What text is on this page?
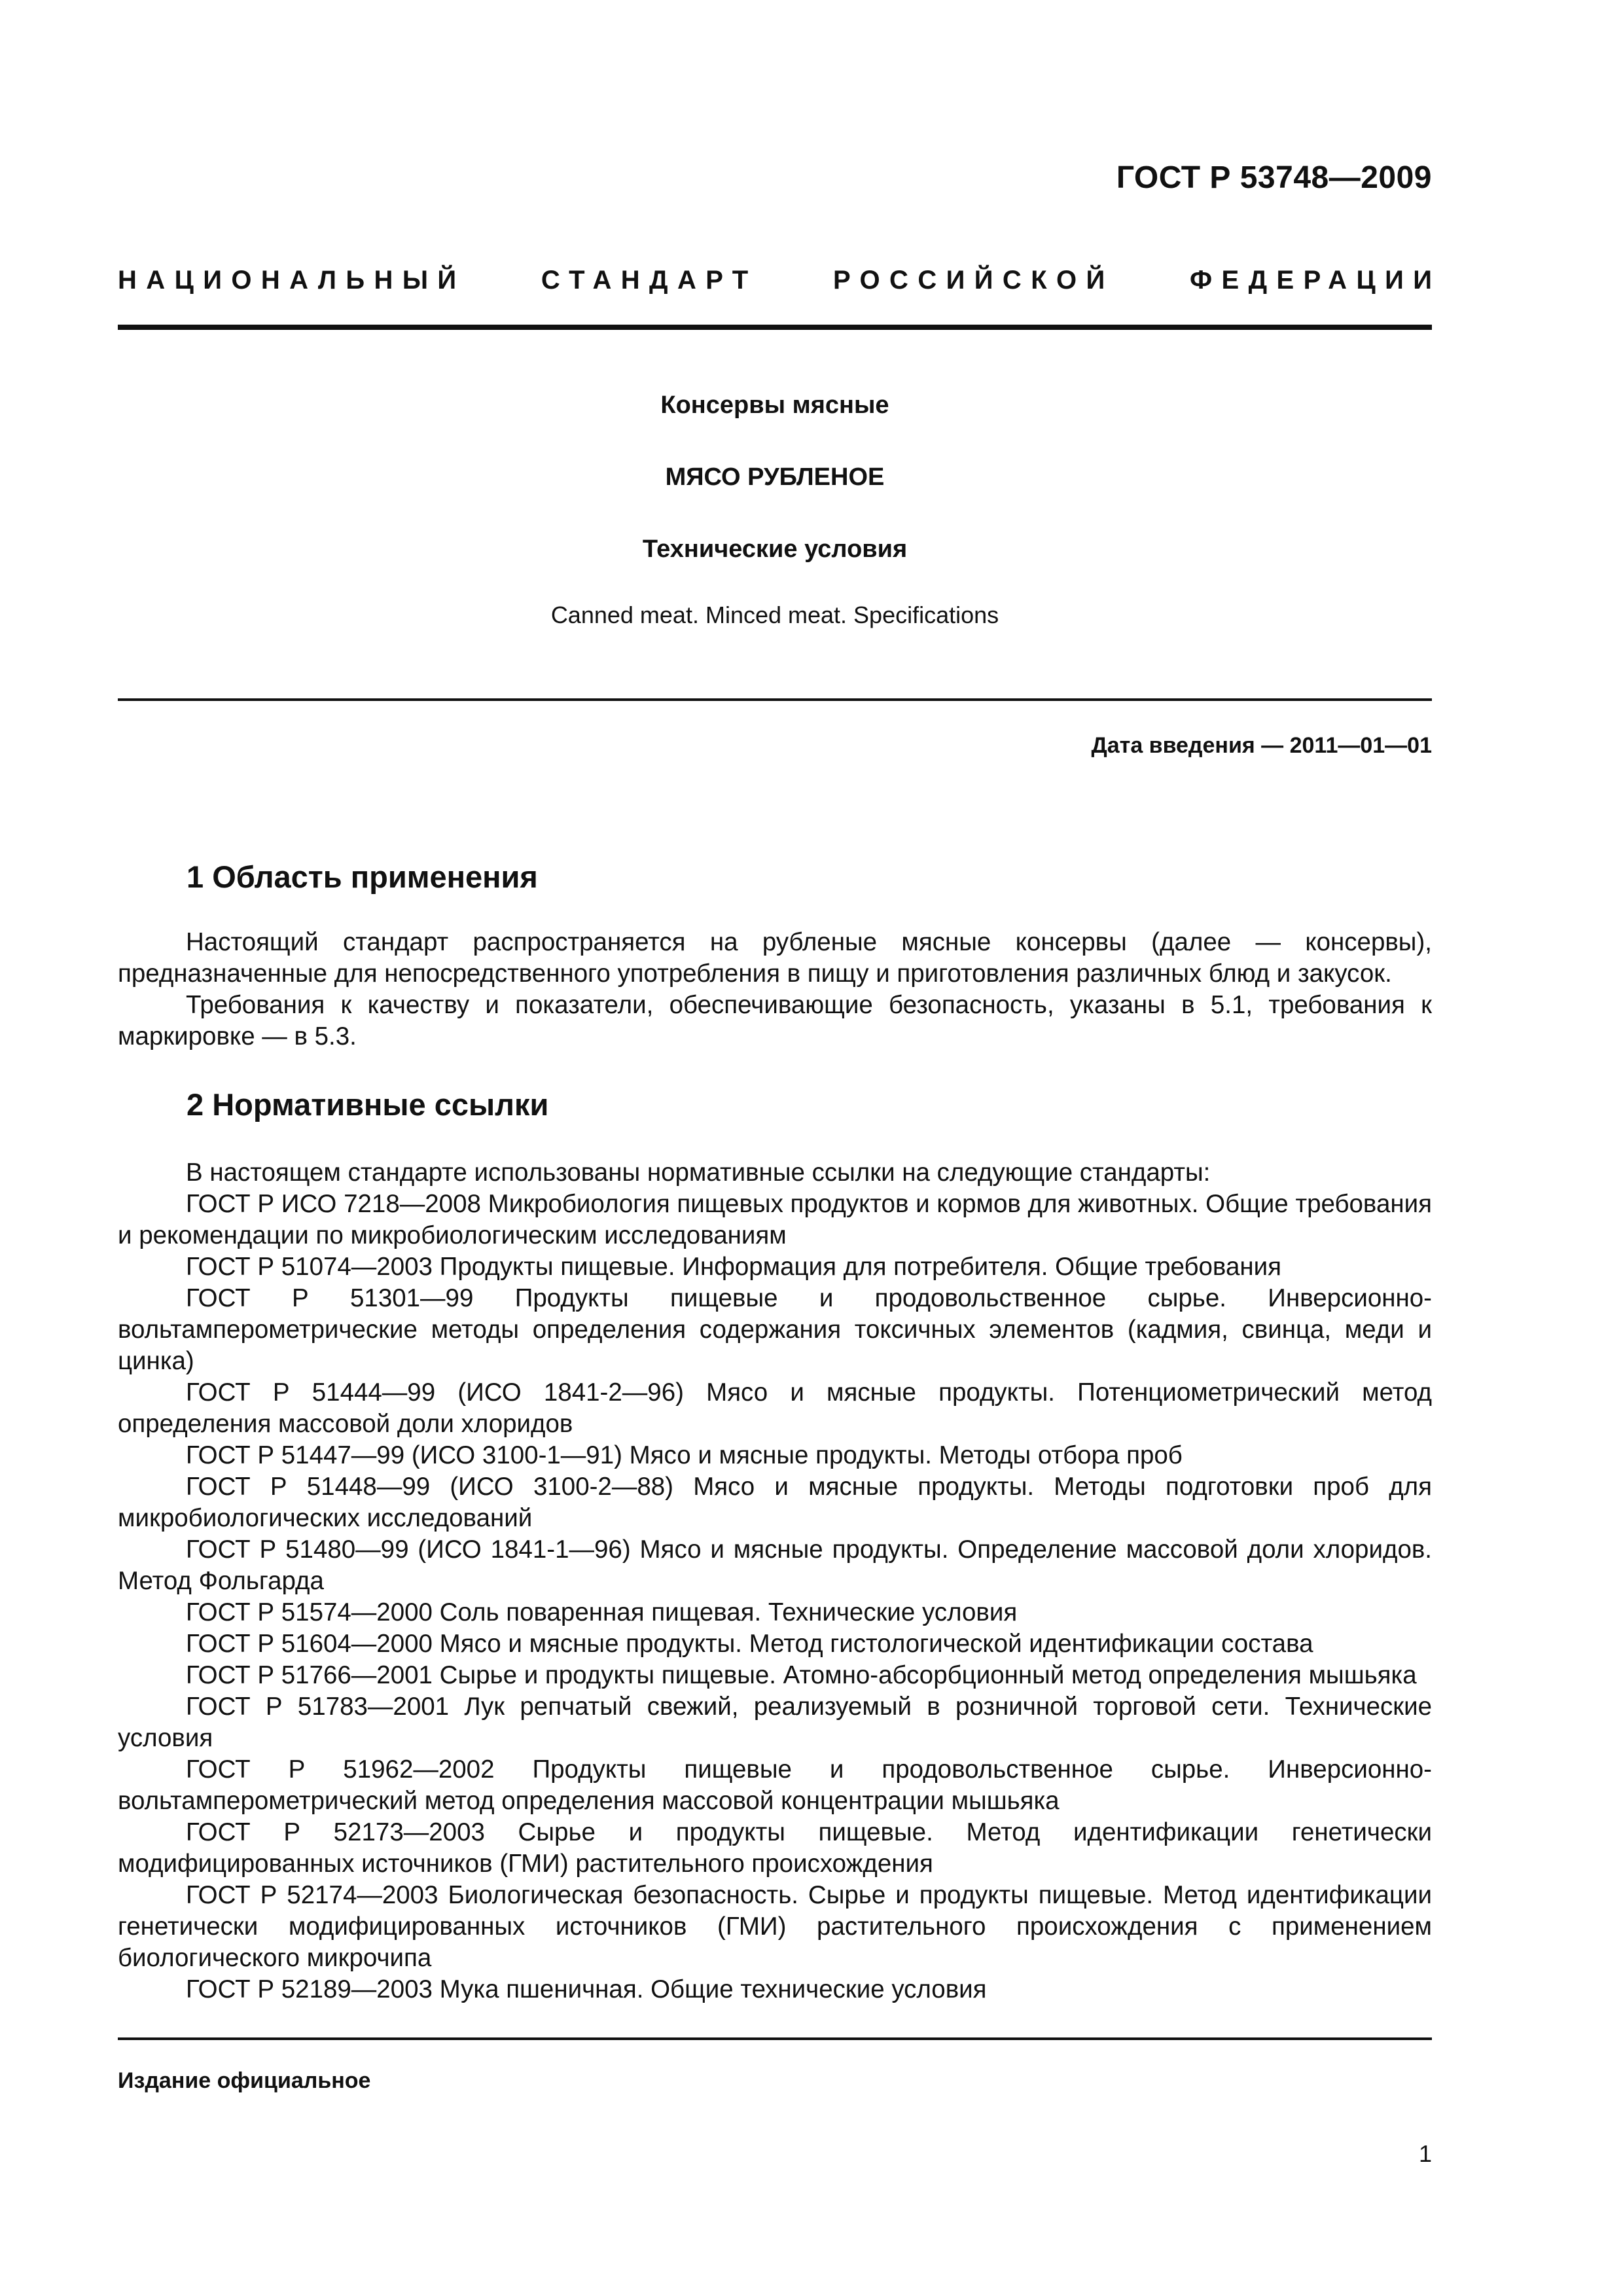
ГОСТ Р 53748—2009
НАЦИОНАЛЬНЫЙ	СТАНДАРТ	РОССИЙСКОЙ	ФЕДЕРАЦИИ
Консервы мясные
МЯСО РУБЛЕНОЕ
Технические условия
Canned meat. Minced meat. Specifications
Дата введения — 2011—01—01
1 Область применения

Настоящий стандарт распространяется на рубленые мясные консервы (далее — консервы), предназначенные для непосредственного употребления в пищу и приготовления различных блюд и закусок.

Требования к качеству и показатели, обеспечивающие безопасность, указаны в 5.1, требования к маркировке — в 5.3.

2 Нормативные ссылки

В настоящем стандарте использованы нормативные ссылки на следующие стандарты:

ГОСТ Р ИСО 7218—2008 Микробиология пищевых продуктов и кормов для животных. Общие требования и рекомендации по микробиологическим исследованиям

ГОСТ Р 51074—2003 Продукты пищевые. Информация для потребителя. Общие требования

ГОСТ Р 51301—99 Продукты пищевые и продовольственное сырье. Инверсионно-вольтамперометрические методы определения содержания токсичных элементов (кадмия, свинца, меди и цинка)

ГОСТ Р 51444—99 (ИСО 1841-2—96) Мясо и мясные продукты. Потенциометрический метод определения массовой доли хлоридов

ГОСТ Р 51447—99 (ИСО 3100-1—91) Мясо и мясные продукты. Методы отбора проб

ГОСТ Р 51448—99 (ИСО 3100-2—88) Мясо и мясные продукты. Методы подготовки проб для микробиологических исследований

ГОСТ Р 51480—99 (ИСО 1841-1—96) Мясо и мясные продукты. Определение массовой доли хлоридов. Метод Фольгарда

ГОСТ Р 51574—2000 Соль поваренная пищевая. Технические условия

ГОСТ Р 51604—2000 Мясо и мясные продукты. Метод гистологической идентификации состава

ГОСТ Р 51766—2001 Сырье и продукты пищевые. Атомно-абсорбционный метод определения мышьяка

ГОСТ Р 51783—2001 Лук репчатый свежий, реализуемый в розничной торговой сети. Технические условия

ГОСТ Р 51962—2002 Продукты пищевые и продовольственное сырье. Инверсионно-вольтамперометрический метод определения массовой концентрации мышьяка

ГОСТ Р 52173—2003 Сырье и продукты пищевые. Метод идентификации генетически модифицированных источников (ГМИ) растительного происхождения

ГОСТ Р 52174—2003 Биологическая безопасность. Сырье и продукты пищевые. Метод идентификации генетически модифицированных источников (ГМИ) растительного происхождения с применением биологического микрочипа

ГОСТ Р 52189—2003 Мука пшеничная. Общие технические условия

Издание официальное
1
